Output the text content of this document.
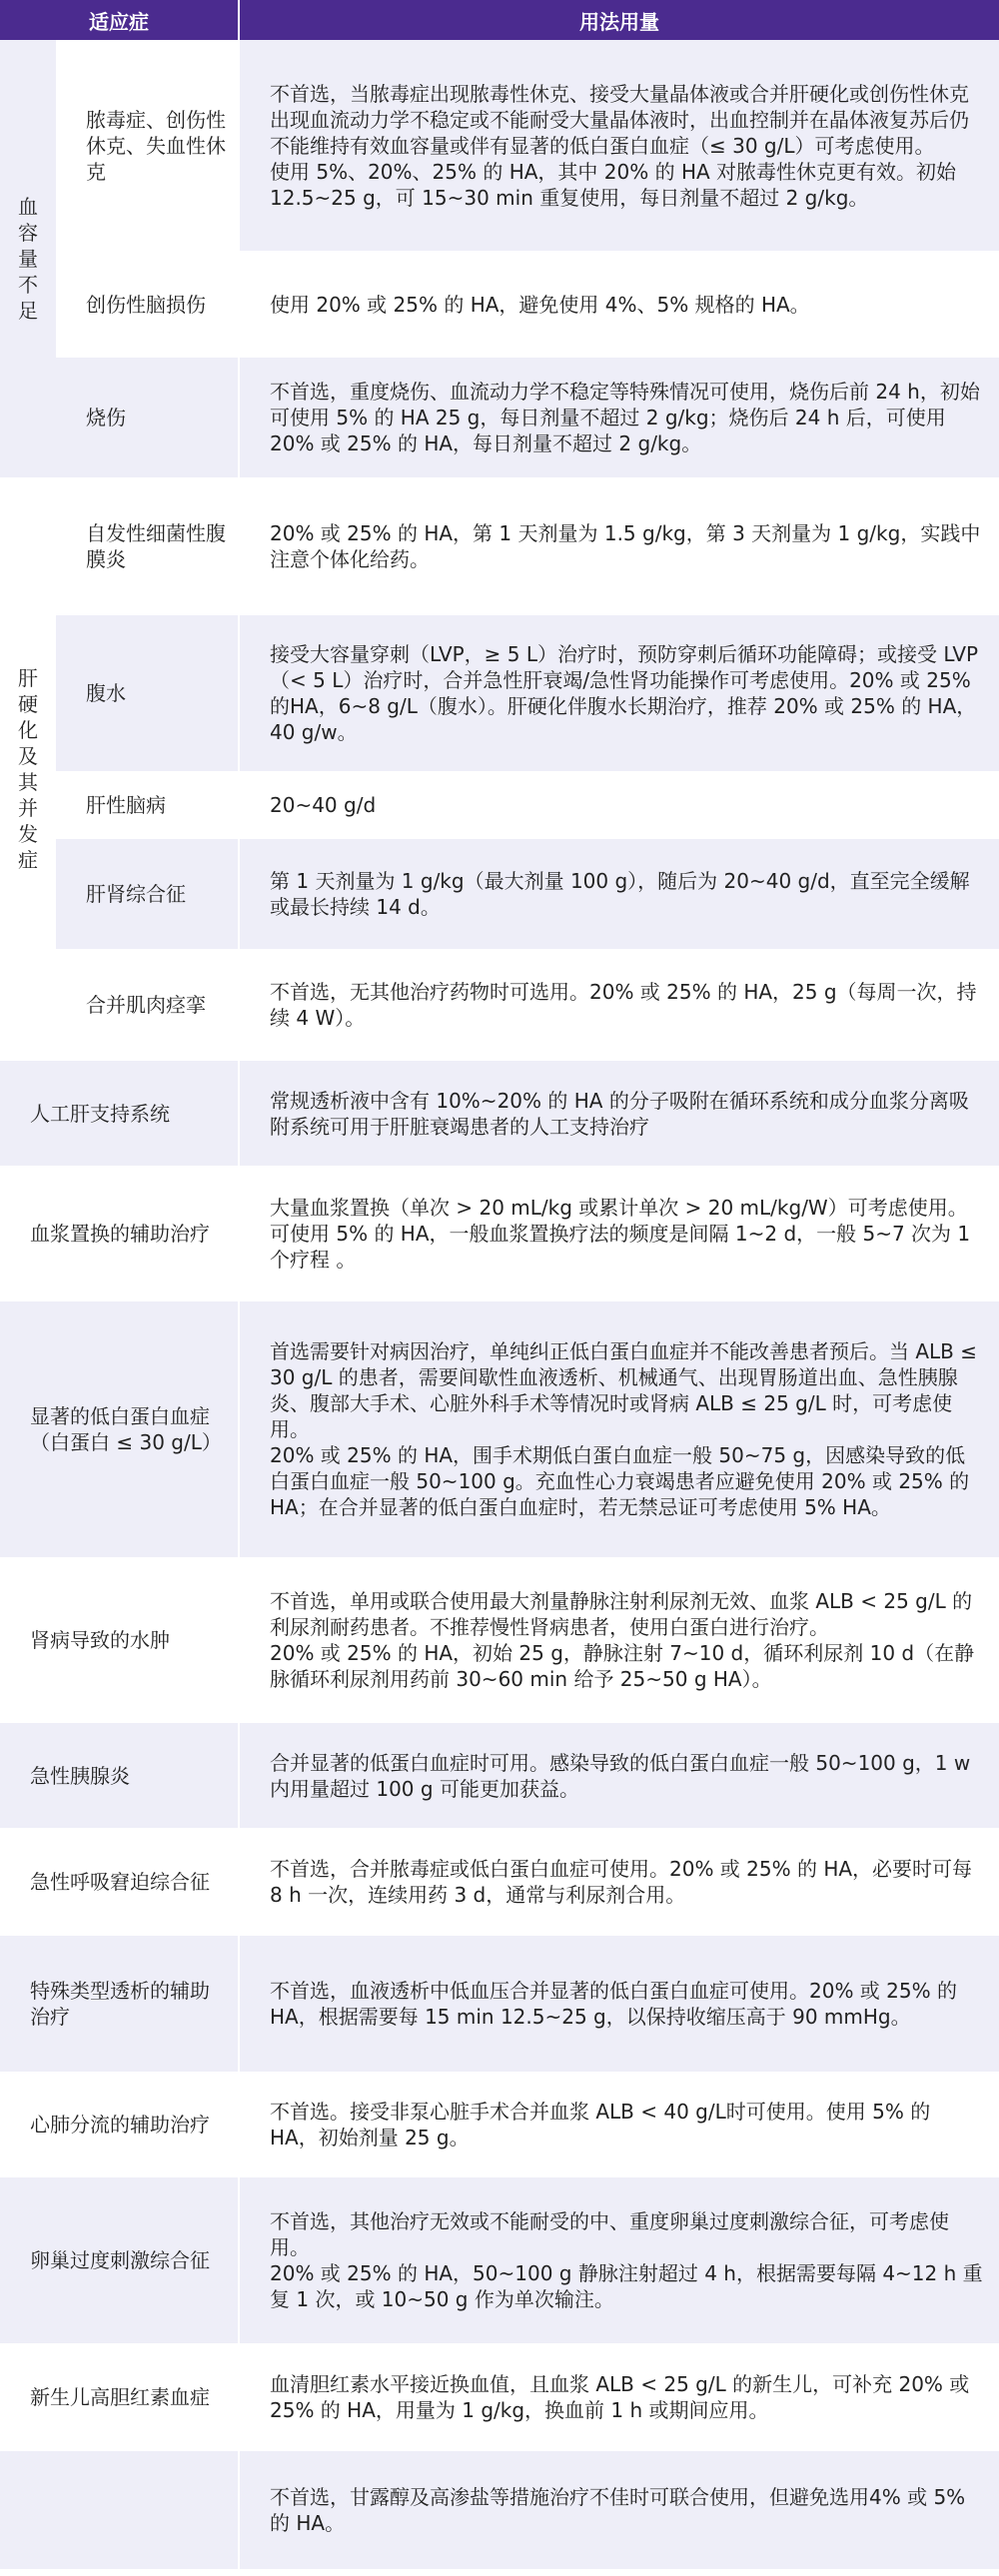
适应症		用法用量

血容量不足	脓毒症、创伤性休克、失血性休克	不首选，当脓毒症出现脓毒性休克、接受大量晶体液或合并肝硬化或创伤性休克出现血流动力学不稳定或不能耐受大量晶体液时，出血控制并在晶体液复苏后仍不能维持有效血容量或伴有显著的低白蛋白血症（≤ 30 g/L）可考虑使用。
使用 5%、20%、25% 的 HA，其中 20% 的 HA 对脓毒性休克更有效。初始 12.5~25 g，可 15~30 min 重复使用，每日剂量不超过 2 g/kg。

	创伤性脑损伤	使用 20% 或 25% 的 HA，避免使用 4%、5% 规格的 HA。

	烧伤	不首选，重度烧伤、血流动力学不稳定等特殊情况可使用，烧伤后前 24 h，初始可使用 5% 的 HA 25 g，每日剂量不超过 2 g/kg；烧伤后 24 h 后，可使用 20% 或 25% 的 HA，每日剂量不超过 2 g/kg。

肝硬化及其并发症	自发性细菌性腹膜炎	20% 或 25% 的 HA，第 1 天剂量为 1.5 g/kg，第 3 天剂量为 1 g/kg，实践中注意个体化给药。

	腹水	接受大容量穿刺（LVP，≥ 5 L）治疗时，预防穿刺后循环功能障碍；或接受 LVP（< 5 L）治疗时，合并急性肝衰竭/急性肾功能操作可考虑使用。20% 或 25% 的HA，6~8 g/L（腹水）。肝硬化伴腹水长期治疗，推荐 20% 或 25% 的 HA，40 g/w。

	肝性脑病	20~40 g/d

	肝肾综合征	第 1 天剂量为 1 g/kg（最大剂量 100 g），随后为 20~40 g/d，直至完全缓解或最长持续 14 d。

	合并肌肉痉挛	不首选，无其他治疗药物时可选用。20% 或 25% 的 HA，25 g（每周一次，持续 4 W）。

人工肝支持系统		常规透析液中含有 10%~20% 的 HA 的分子吸附在循环系统和成分血浆分离吸附系统可用于肝脏衰竭患者的人工支持治疗

血浆置换的辅助治疗		大量血浆置换（单次 > 20 mL/kg 或累计单次 > 20 mL/kg/W）可考虑使用。可使用 5% 的 HA，一般血浆置换疗法的频度是间隔 1~2 d，一般 5~7 次为 1 个疗程 。

显著的低白蛋白血症（白蛋白 ≤ 30 g/L）		首选需要针对病因治疗，单纯纠正低白蛋白血症并不能改善患者预后。当 ALB ≤ 30 g/L 的患者，需要间歇性血液透析、机械通气、出现胃肠道出血、急性胰腺炎、腹部大手术、心脏外科手术等情况时或肾病 ALB ≤ 25 g/L 时，可考虑使用。
20% 或 25% 的 HA，围手术期低白蛋白血症一般 50~75 g，因感染导致的低白蛋白血症一般 50~100 g。充血性心力衰竭患者应避免使用 20% 或 25% 的 HA；在合并显著的低白蛋白血症时，若无禁忌证可考虑使用 5% HA。

肾病导致的水肿		不首选，单用或联合使用最大剂量静脉注射利尿剂无效、血浆 ALB < 25 g/L 的利尿剂耐药患者。不推荐慢性肾病患者，使用白蛋白进行治疗。
20% 或 25% 的 HA，初始 25 g，静脉注射 7~10 d，循环利尿剂 10 d（在静脉循环利尿剂用药前 30~60 min 给予 25~50 g HA）。

急性胰腺炎		合并显著的低蛋白血症时可用。感染导致的低白蛋白血症一般 50~100 g，1 w 内用量超过 100 g 可能更加获益。

急性呼吸窘迫综合征		不首选，合并脓毒症或低白蛋白血症可使用。20% 或 25% 的 HA，必要时可每 8 h 一次，连续用药 3 d，通常与利尿剂合用。

特殊类型透析的辅助治疗		不首选，血液透析中低血压合并显著的低白蛋白血症可使用。20% 或 25% 的 HA，根据需要每 15 min 12.5~25 g，以保持收缩压高于 90 mmHg。

心肺分流的辅助治疗		不首选。接受非泵心脏手术合并血浆 ALB < 40 g/L时可使用。使用 5% 的 HA，初始剂量 25 g。

卵巢过度刺激综合征		不首选，其他治疗无效或不能耐受的中、重度卵巢过度刺激综合征，可考虑使用。
20% 或 25% 的 HA，50~100 g 静脉注射超过 4 h，根据需要每隔 4~12 h 重复 1 次，或 10~50 g 作为单次输注。

新生儿高胆红素血症		血清胆红素水平接近换血值，且血浆 ALB < 25 g/L 的新生儿，可补充 20% 或 25% 的 HA，用量为 1 g/kg，换血前 1 h 或期间应用。

		不首选，甘露醇及高渗盐等措施治疗不佳时可联合使用，但避免选用4% 或 5% 的 HA。
